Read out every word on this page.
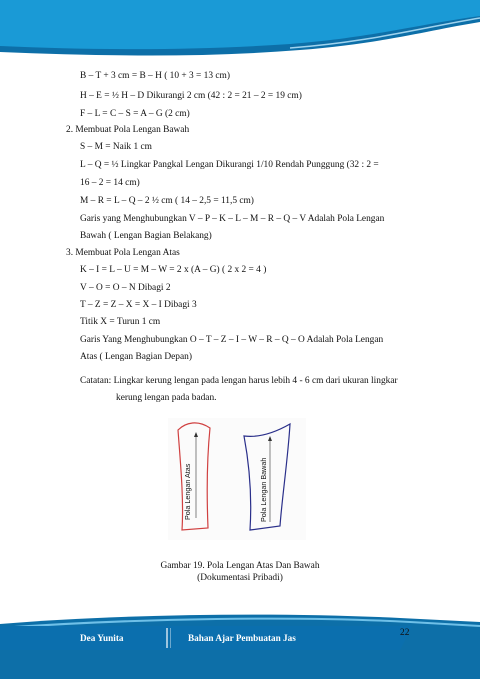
B – T + 3 cm = B – H ( 10 + 3 = 13 cm)
H – E = ½ H – D Dikurangi 2 cm (42 : 2 = 21 – 2 = 19 cm)
F – L = C – S = A – G (2 cm)
2. Membuat Pola Lengan Bawah
S – M = Naik 1 cm
L – Q = ½ Lingkar Pangkal Lengan Dikurangi 1/10 Rendah Punggung (32 : 2 =
16 – 2 = 14 cm)
M – R = L – Q – 2 ½ cm ( 14 – 2,5 = 11,5 cm)
Garis yang Menghubungkan V – P – K – L – M – R – Q – V Adalah Pola Lengan
Bawah ( Lengan Bagian Belakang)
3. Membuat Pola Lengan Atas
K – I = L – U = M – W = 2 x (A – G) ( 2 x 2 = 4 )
V – O = O – N Dibagi 2
T – Z = Z – X = X – I Dibagi 3
Titik X = Turun 1 cm
Garis Yang Menghubungkan O – T – Z – I – W – R – Q – O Adalah Pola Lengan
Atas ( Lengan Bagian Depan)
Catatan: Lingkar kerung lengan pada lengan harus lebih 4 - 6 cm dari ukuran lingkar
kerung lengan pada badan.
Pola Lengan Atas	Pola Lengan Bawah
Gambar 19. Pola Lengan Atas Dan Bawah
(Dokumentasi Pribadi)
Dea Yunita	Bahan Ajar Pembuatan Jas	22
